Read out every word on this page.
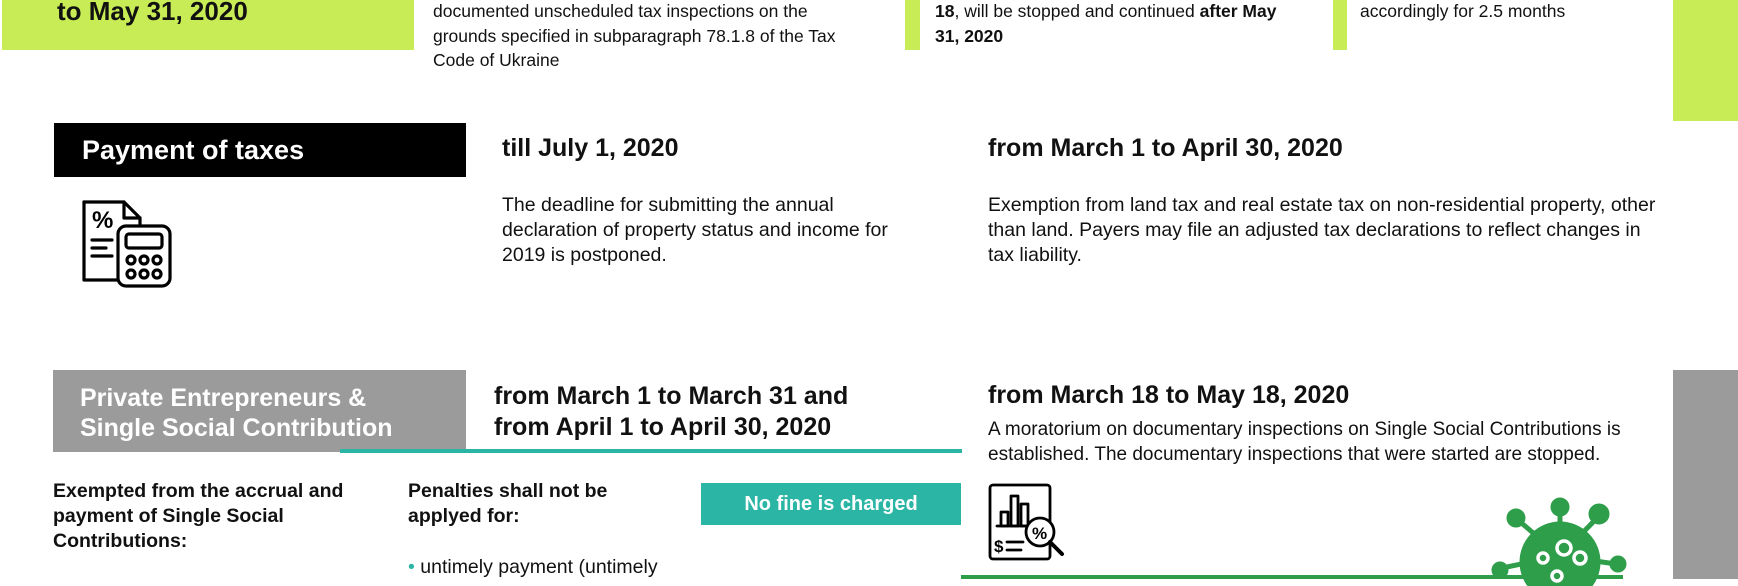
to May 31, 2020	documented unscheduled tax inspections on the grounds specified in subparagraph 78.1.8 of the Tax Code of Ukraine
18, will be stopped and continued after May
31, 2020
accordingly for 2.5 months
Payment of taxes
%
till July 1, 2020
The deadline for submitting the annual declaration of property status and income for 2019 is postponed.
from March 1 to April 30, 2020
Exemption from land tax and real estate tax on non-residential property, other than land. Payers may file an adjusted tax declarations to reflect changes in tax liability.
Private Entrepreneurs &
Single Social Contribution
from March 1 to March 31 and
from April 1 to April 30, 2020
from March 18 to May 18, 2020
A moratorium on documentary inspections on Single Social Contributions is established. The documentary inspections that were started are stopped.
Exempted from the accrual and payment of Single Social Contributions:
Penalties shall not be applyed for:
No fine is charged
• untimely payment (untimely
%
$
